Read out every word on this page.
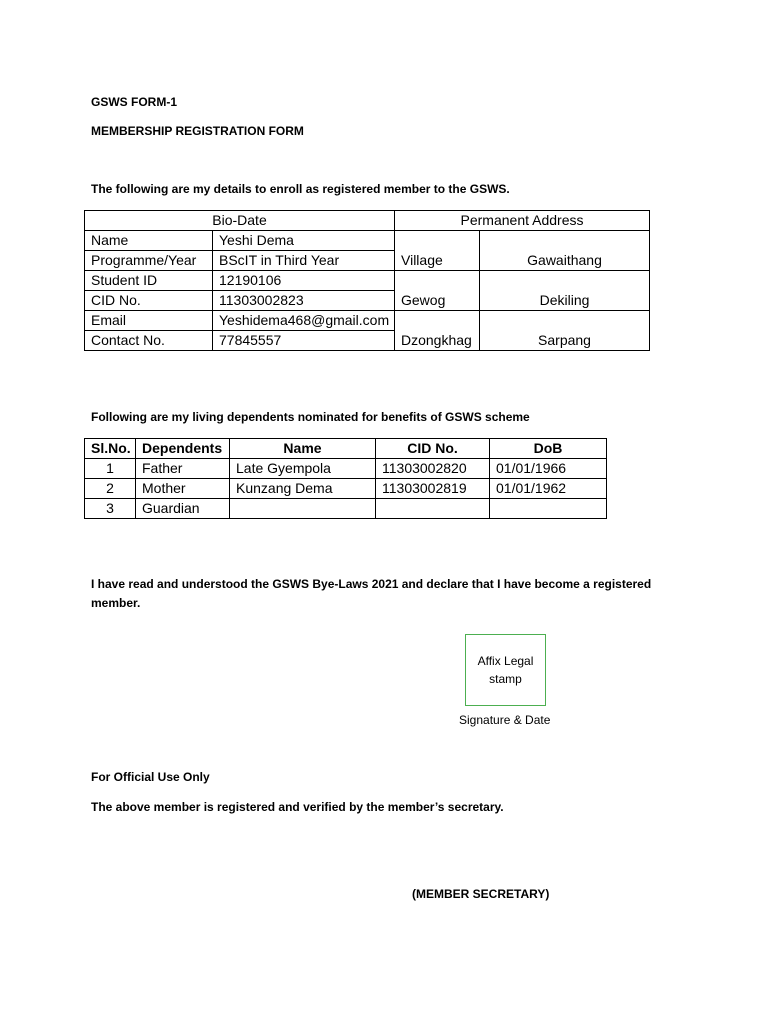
GSWS FORM-1
MEMBERSHIP REGISTRATION FORM
The following are my details to enroll as registered member to the GSWS.
Bio-Date		Permanent Address	
Name	Yeshi Dema	Village	Gawaithang
Programme/Year	BScIT in Third Year		
Student ID	12190106	Gewog	Dekiling
CID No.	11303002823		
Email	Yeshidema468@gmail.com	Dzongkhag	Sarpang
Contact No.	77845557		
Following are my living dependents nominated for benefits of GSWS scheme
Sl.No.	Dependents	Name	CID No.	DoB
1	Father	Late Gyempola	11303002820	01/01/1966
2	Mother	Kunzang Dema	11303002819	01/01/1962
3	Guardian			
I have read and understood the GSWS Bye-Laws 2021 and declare that I have become a registered
member.
Affix Legal
stamp
Signature & Date
For Official Use Only
The above member is registered and verified by the member’s secretary.
(MEMBER SECRETARY)
